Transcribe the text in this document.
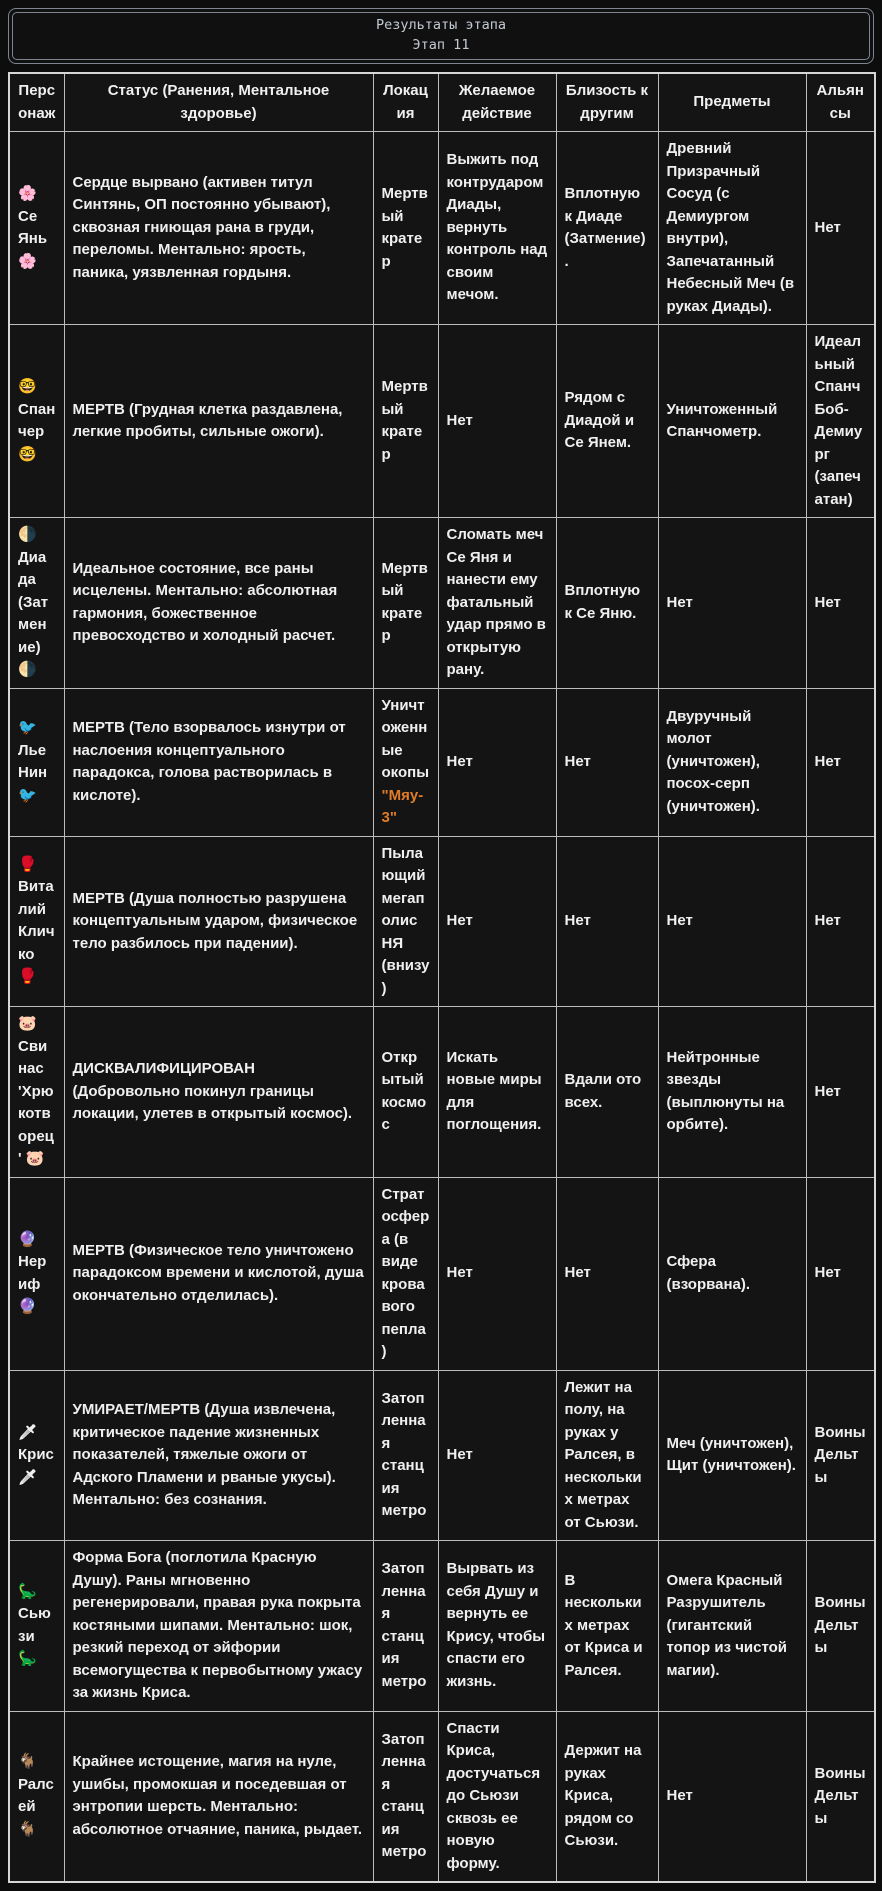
Результаты этапа
Этап 11
Персонаж	Статус (Ранения, Ментальное здоровье)	Локация	Желаемое действие	Близость к другим	Предметы	Альянсы
🌸 Се Янь 🌸	Сердце вырвано (активен титул Синтянь, ОП постоянно убывают), сквозная гниющая рана в груди, переломы. Ментально: ярость, паника, уязвленная гордыня.	Мертвый кратер	Выжить под контрударом Диады, вернуть контроль над своим мечом.	Вплотную к Диаде (Затмение).	Древний Призрачный Сосуд (с Демиургом внутри), Запечатанный Небесный Меч (в руках Диады).	Нет
🤓 Спанчер 🤓	МЕРТВ (Грудная клетка раздавлена, легкие пробиты, сильные ожоги).	Мертвый кратер	Нет	Рядом с Диадой и Се Янем.	Уничтоженный Спанчометр.	Идеальный СпанчБоб-Демиург (запечатан)
🌗 Диада (Затмение) 🌗	Идеальное состояние, все раны исцелены. Ментально: абсолютная гармония, божественное превосходство и холодный расчет.	Мертвый кратер	Сломать меч Се Яня и нанести ему фатальный удар прямо в открытую рану.	Вплотную к Се Яню.	Нет	Нет
🐦Лье Нин🐦	МЕРТВ (Тело взорвалось изнутри от наслоения концептуального парадокса, голова растворилась в кислоте).	Уничтоженные окопы "Мяу-3"	Нет	Нет	Двуручный молот (уничтожен), посох-серп (уничтожен).	Нет
🥊 Виталий Кличко 🥊	МЕРТВ (Душа полностью разрушена концептуальным ударом, физическое тело разбилось при падении).	Пылающий мегаполис НЯ (внизу)	Нет	Нет	Нет	Нет
🐷 Свинас 'Хрюкотворец' 🐷	ДИСКВАЛИФИЦИРОВАН (Добровольно покинул границы локации, улетев в открытый космос).	Открытый космос	Искать новые миры для поглощения.	Вдали ото всех.	Нейтронные звезды (выплюнуты на орбите).	Нет
🔮 Нериф 🔮	МЕРТВ (Физическое тело уничтожено парадоксом времени и кислотой, душа окончательно отделилась).	Стратосфера (в виде кровавого пепла)	Нет	Нет	Сфера (взорвана).	Нет
🗡 Крис 🗡	УМИРАЕТ/МЕРТВ (Душа извлечена, критическое падение жизненных показателей, тяжелые ожоги от Адского Пламени и рваные укусы). Ментально: без сознания.	Затопленная станция метро	Нет	Лежит на полу, на руках у Ралсея, в нескольких метрах от Сьюзи.	Меч (уничтожен), Щит (уничтожен).	Воины Дельты
🦕 Сьюзи 🦕	Форма Бога (поглотила Красную Душу). Раны мгновенно регенерировали, правая рука покрыта костяными шипами. Ментально: шок, резкий переход от эйфории всемогущества к первобытному ужасу за жизнь Криса.	Затопленная станция метро	Вырвать из себя Душу и вернуть ее Крису, чтобы спасти его жизнь.	В нескольких метрах от Криса и Ралсея.	Омега Красный Разрушитель (гигантский топор из чистой магии).	Воины Дельты
🐐 Ралсей 🐐	Крайнее истощение, магия на нуле, ушибы, промокшая и поседевшая от энтропии шерсть. Ментально: абсолютное отчаяние, паника, рыдает.	Затопленная станция метро	Спасти Криса, достучаться до Сьюзи сквозь ее новую форму.	Держит на руках Криса, рядом со Сьюзи.	Нет	Воины Дельты
